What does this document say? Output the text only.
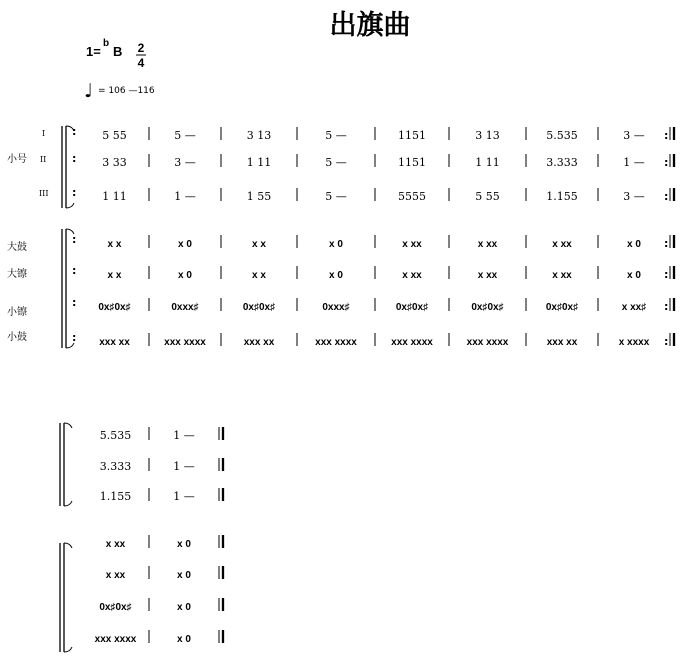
出旗曲
1=
b
B 2
4
♩ = 106 —116
小号
I
II
III
大鼓
大镲
小镲
小鼓
: 5 55	5 —	3 13	5 —	1151	3 13	5.535	3 — :
: 3 33	3 —	1 11	5 —	1151	1 11	3.333	1 — :
: 1 11	1 —	1 55	5 —	5555	5 55	1.155	3 — :
:	x x	x 0	x x	x 0	x xx	x xx	x xx	x 0 :
:	x x	x 0	x x	x 0	x xx	x xx	x xx	x 0 :
: 0x♯0x♯	0xxx♯	0x♯0x♯	0xxx♯	0x♯0x♯	0x♯0x♯	0x♯0x♯	x xx♯ :
: xxx xx	xxx xxxx	xxx xx	xxx xxxx	xxx xxxx	xxx xxxx	xxx xx	x xxxx :
5.535	1 —
3.333	1 —
1.155	1 —
x xx	x 0
x xx	x 0
0x♯0x♯	x 0
xxx xxxx	x 0
